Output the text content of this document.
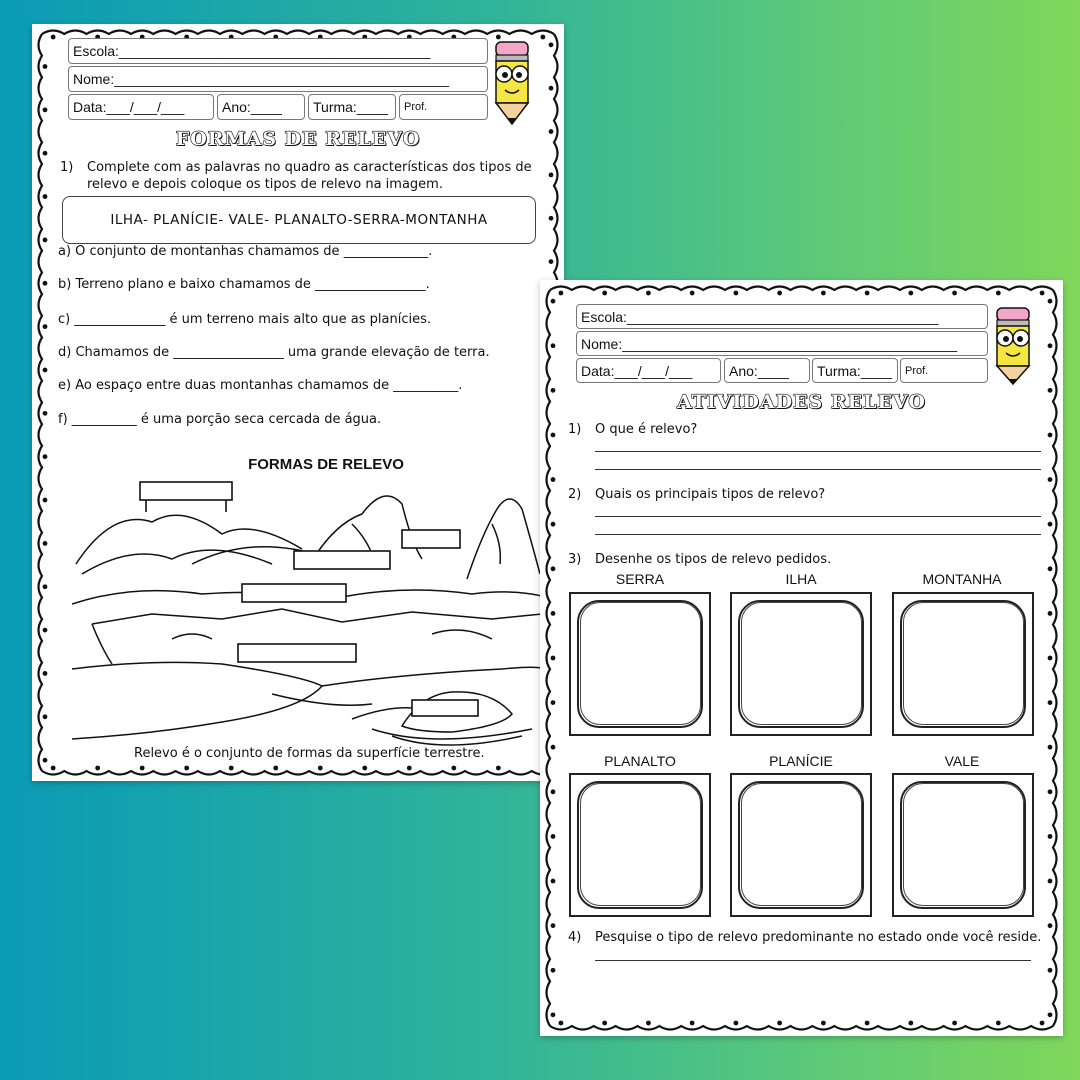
Escola:________________________________________
Nome:___________________________________________
Data:___/___/___	Ano:____	Turma:____	Prof.
FORMAS DE RELEVO
1) Complete com as palavras no quadro as características dos tipos de
relevo e depois coloque os tipos de relevo na imagem.
ILHA- PLANÍCIE- VALE- PLANALTO-SERRA-MONTANHA
a) O conjunto de montanhas chamamos de _____________.
b) Terreno plano e baixo chamamos de _________________.
c) ______________ é um terreno mais alto que as planícies.
d) Chamamos de _________________ uma grande elevação de terra.
e) Ao espaço entre duas montanhas chamamos de __________.
f) __________ é uma porção seca cercada de água.
FORMAS DE RELEVO
Relevo é o conjunto de formas da superfície terrestre.
Escola:________________________________________
Nome:___________________________________________
Data:___/___/___	Ano:____	Turma:____	Prof.
ATIVIDADES RELEVO
1) O que é relevo?
2) Quais os principais tipos de relevo?
3) Desenhe os tipos de relevo pedidos.
SERRA	ILHA	MONTANHA
PLANALTO	PLANÍCIE	VALE
4) Pesquise o tipo de relevo predominante no estado onde você reside.
